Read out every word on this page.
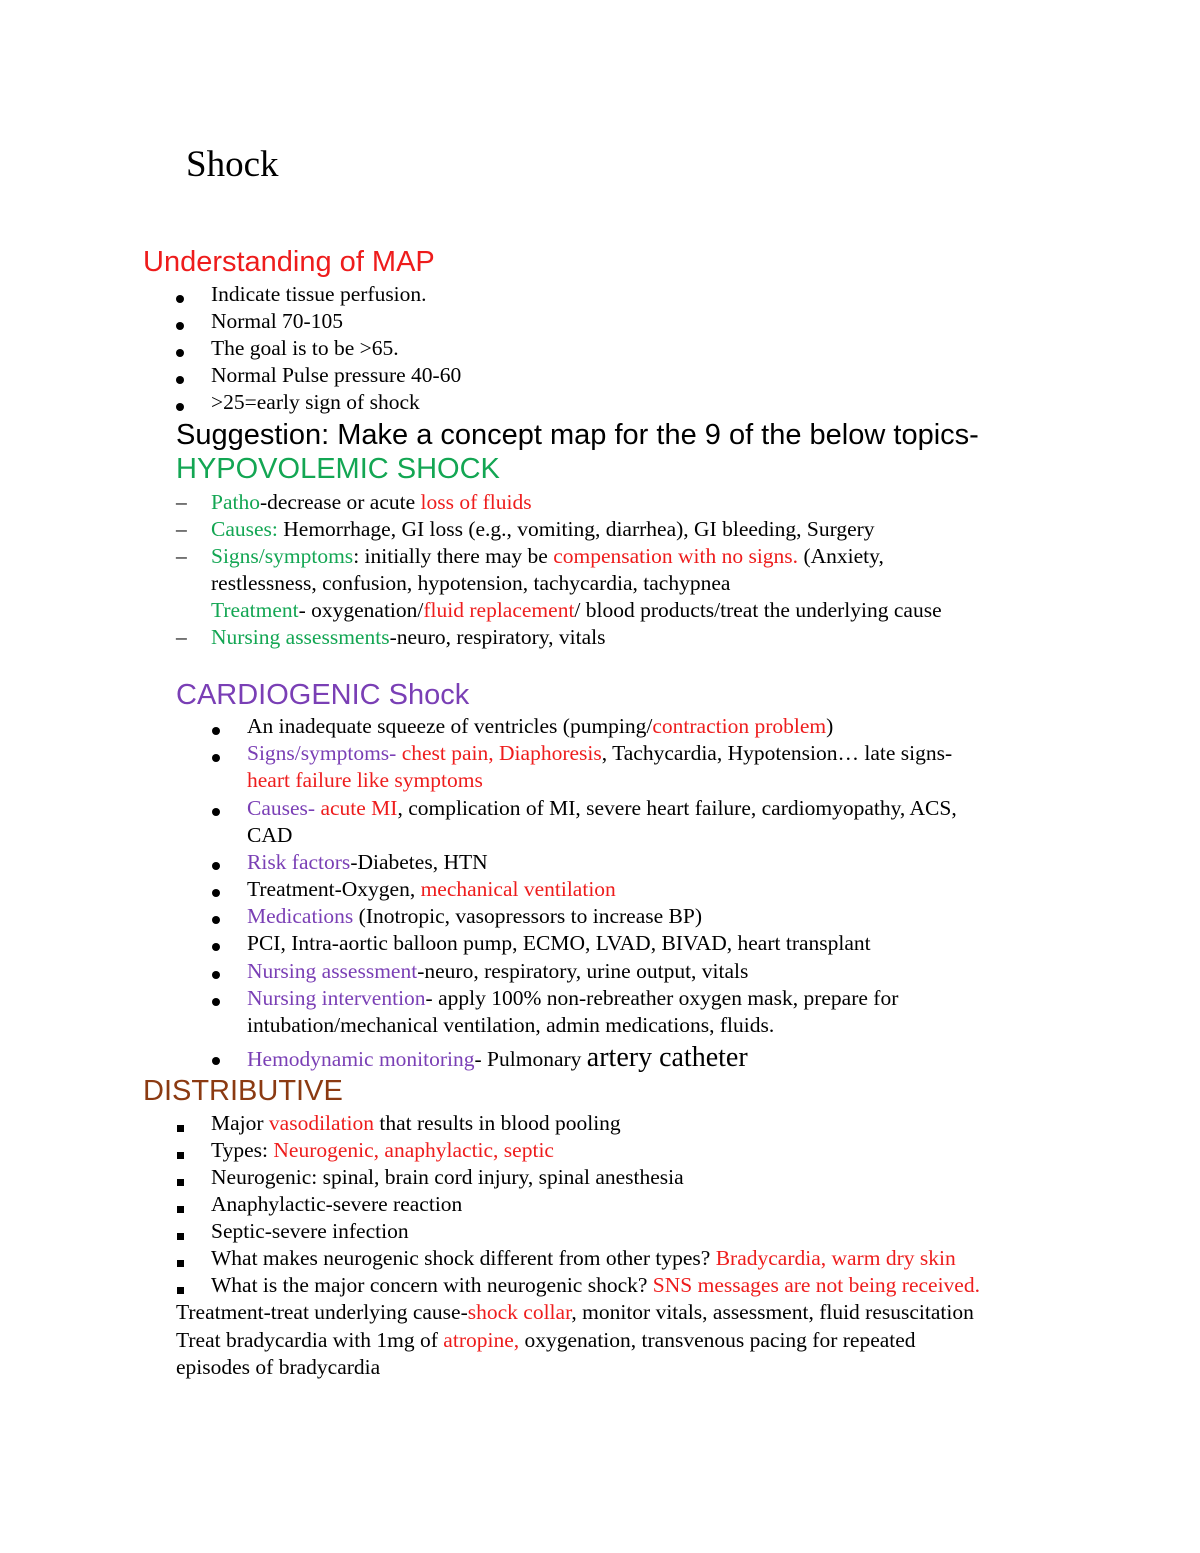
Shock
Understanding of MAP
Indicate tissue perfusion.
Normal 70-105
The goal is to be >65.
Normal Pulse pressure 40-60
>25=early sign of shock
Suggestion: Make a concept map for the 9 of the below topics-
HYPOVOLEMIC SHOCK
– Patho-decrease or acute loss of fluids
– Causes: Hemorrhage, GI loss (e.g., vomiting, diarrhea), GI bleeding, Surgery
– Signs/symptoms: initially there may be compensation with no signs. (Anxiety,
restlessness, confusion, hypotension, tachycardia, tachypnea
Treatment- oxygenation/fluid replacement/ blood products/treat the underlying cause
– Nursing assessments-neuro, respiratory, vitals
CARDIOGENIC Shock
An inadequate squeeze of ventricles (pumping/contraction problem)
Signs/symptoms- chest pain, Diaphoresis, Tachycardia, Hypotension… late signs-
heart failure like symptoms
Causes- acute MI, complication of MI, severe heart failure, cardiomyopathy, ACS,
CAD
Risk factors-Diabetes, HTN
Treatment-Oxygen, mechanical ventilation
Medications (Inotropic, vasopressors to increase BP)
PCI, Intra-aortic balloon pump, ECMO, LVAD, BIVAD, heart transplant
Nursing assessment-neuro, respiratory, urine output, vitals
Nursing intervention- apply 100% non-rebreather oxygen mask, prepare for
intubation/mechanical ventilation, admin medications, fluids.
Hemodynamic monitoring- Pulmonary artery catheter
DISTRIBUTIVE
Major vasodilation that results in blood pooling
Types: Neurogenic, anaphylactic, septic
Neurogenic: spinal, brain cord injury, spinal anesthesia
Anaphylactic-severe reaction
Septic-severe infection
What makes neurogenic shock different from other types? Bradycardia, warm dry skin
What is the major concern with neurogenic shock? SNS messages are not being received.
Treatment-treat underlying cause-shock collar, monitor vitals, assessment, fluid resuscitation
Treat bradycardia with 1mg of atropine, oxygenation, transvenous pacing for repeated
episodes of bradycardia
